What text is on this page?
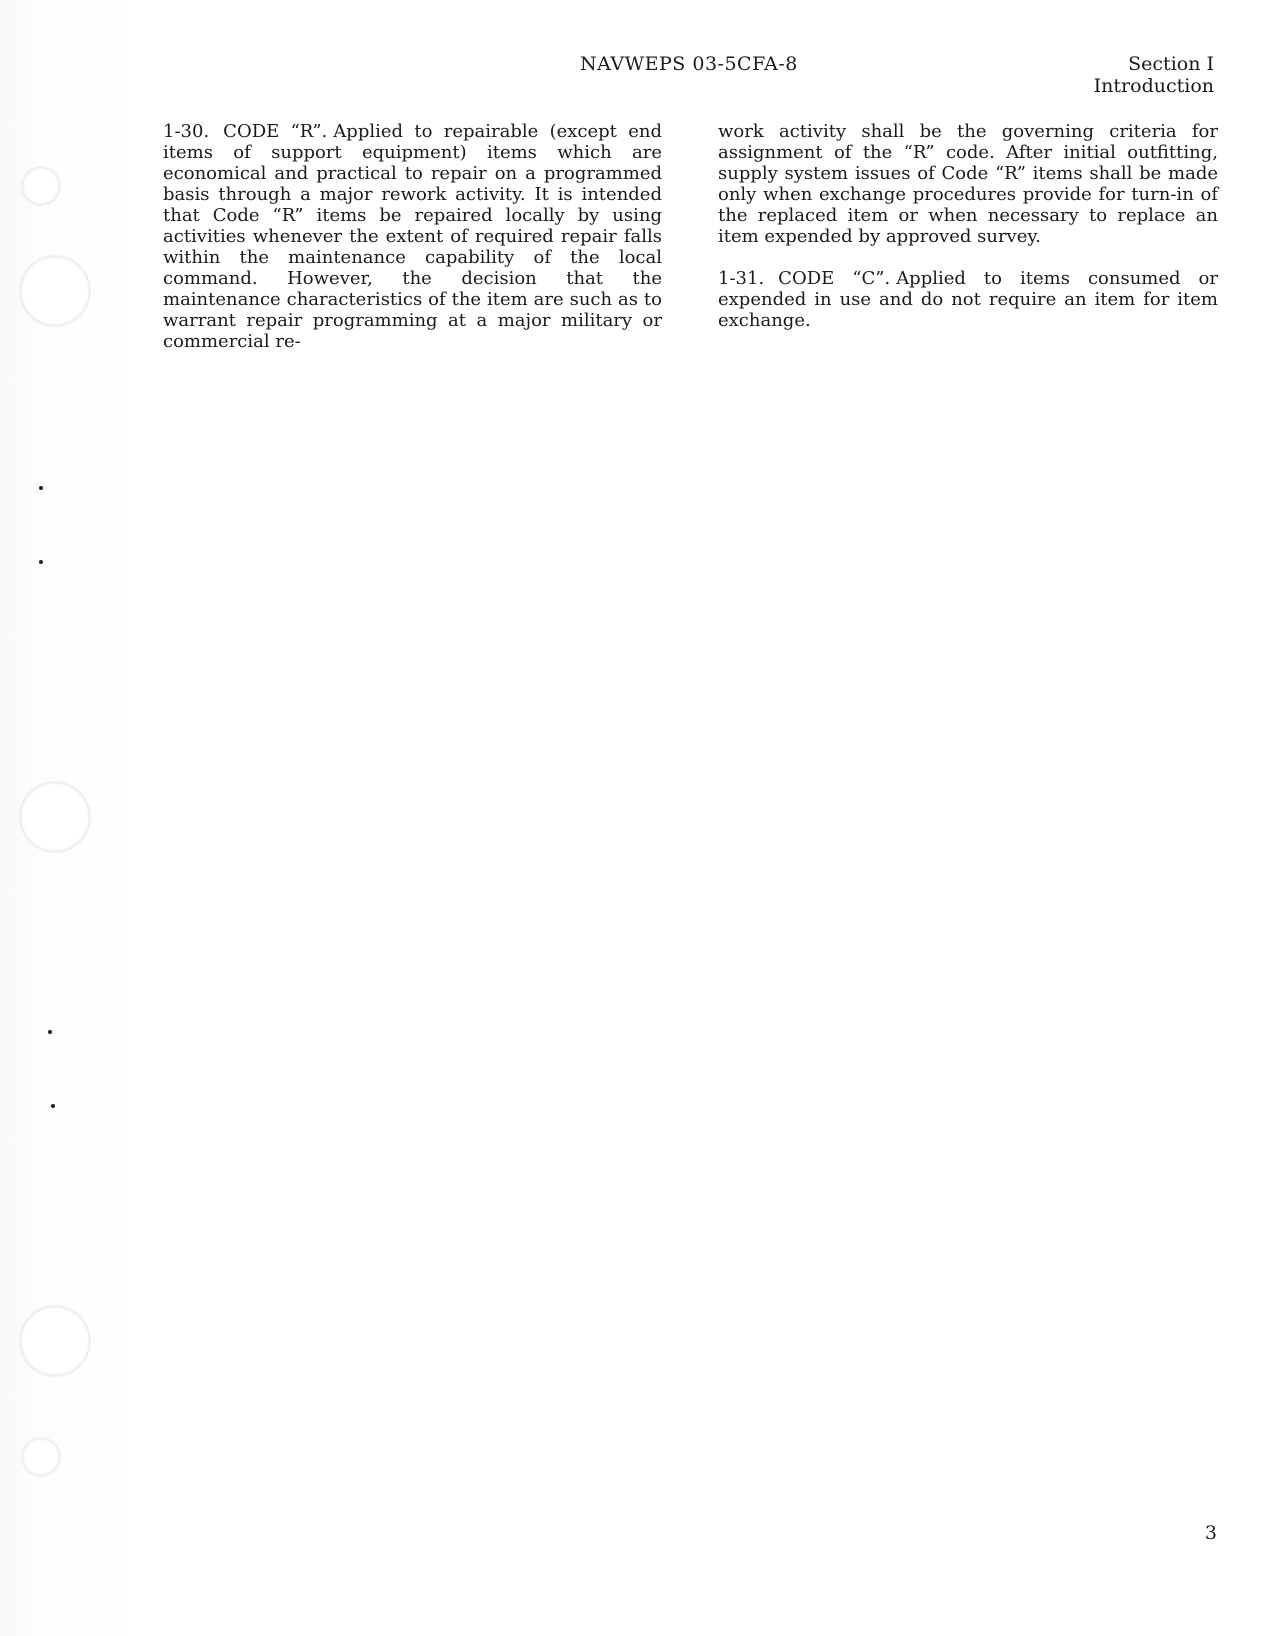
NAVWEPS 03-5CFA-8	Section I
Introduction

1-30. CODE “R”. Applied to repairable (except end items of support equipment) items which are economical and practical to repair on a programmed basis through a major rework activity. It is intended that Code “R” items be repaired locally by using activities whenever the extent of required repair falls within the maintenance capability of the local command. However, the decision that the maintenance characteristics of the item are such as to warrant repair programming at a major military or commercial re-

work activity shall be the governing criteria for assignment of the “R” code. After initial outfitting, supply system issues of Code “R” items shall be made only when exchange procedures provide for turn-in of the replaced item or when necessary to replace an item expended by approved survey.

1-31. CODE “C”. Applied to items consumed or expended in use and do not require an item for item exchange.

3
